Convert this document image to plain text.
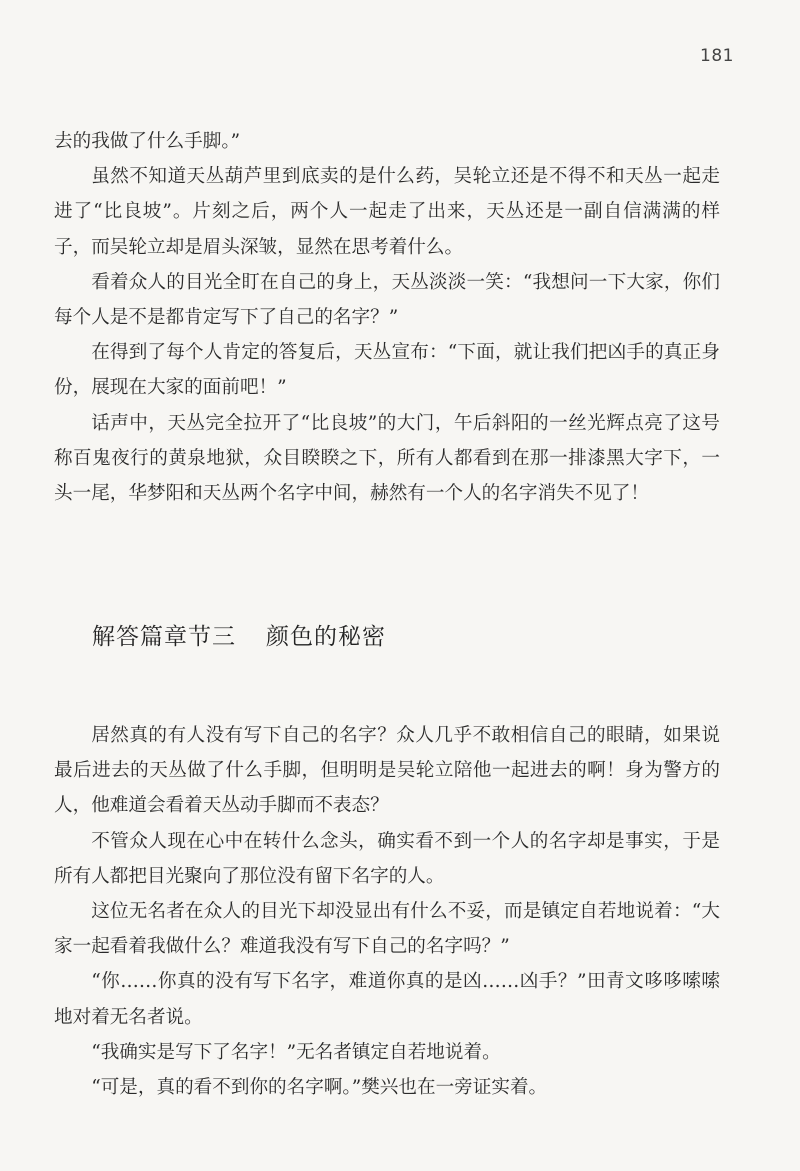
181

去的我做了什么手脚。”

虽然不知道天丛葫芦里到底卖的是什么药，吴轮立还是不得不和天丛一起走进了“比良坡”。片刻之后，两个人一起走了出来，天丛还是一副自信满满的样子，而吴轮立却是眉头深皱，显然在思考着什么。

看着众人的目光全盯在自己的身上，天丛淡淡一笑：“我想问一下大家，你们每个人是不是都肯定写下了自己的名字？”

在得到了每个人肯定的答复后，天丛宣布：“下面，就让我们把凶手的真正身份，展现在大家的面前吧！”

话声中，天丛完全拉开了“比良坡”的大门，午后斜阳的一丝光辉点亮了这号称百鬼夜行的黄泉地狱，众目睽睽之下，所有人都看到在那一排漆黑大字下，一头一尾，华梦阳和天丛两个名字中间，赫然有一个人的名字消失不见了！

解答篇章节三 颜色的秘密

居然真的有人没有写下自己的名字？众人几乎不敢相信自己的眼睛，如果说最后进去的天丛做了什么手脚，但明明是吴轮立陪他一起进去的啊！身为警方的人，他难道会看着天丛动手脚而不表态？

不管众人现在心中在转什么念头，确实看不到一个人的名字却是事实，于是所有人都把目光聚向了那位没有留下名字的人。

这位无名者在众人的目光下却没显出有什么不妥，而是镇定自若地说着：“大家一起看着我做什么？难道我没有写下自己的名字吗？”

“你……你真的没有写下名字，难道你真的是凶……凶手？”田青文哆哆嗦嗦地对着无名者说。

“我确实是写下了名字！”无名者镇定自若地说着。

“可是，真的看不到你的名字啊。”樊兴也在一旁证实着。
